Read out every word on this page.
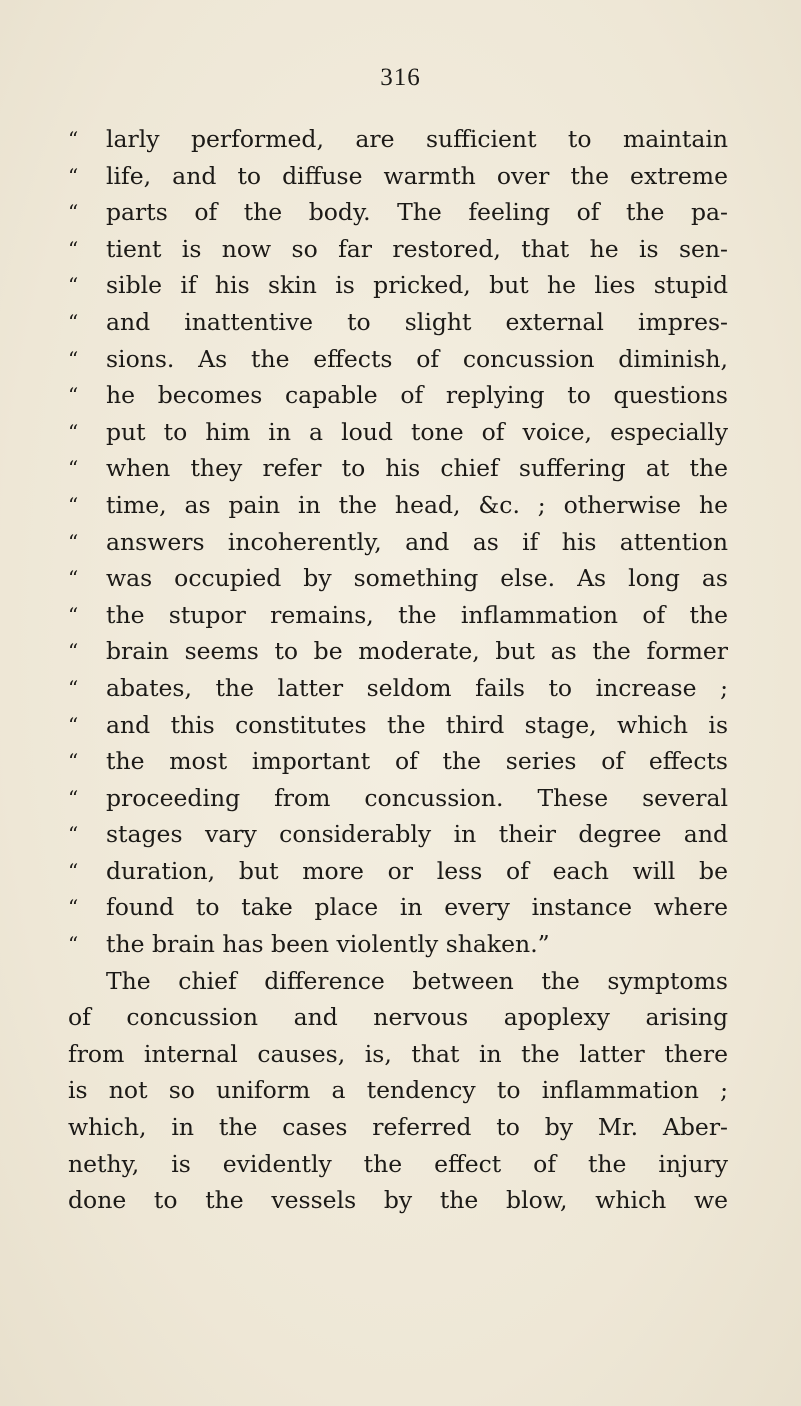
316
“ larly performed, are sufficient to maintain
“ life, and to diffuse warmth over the extreme
“ parts of the body. The feeling of the pa-
“ tient is now so far restored, that he is sen-
“ sible if his skin is pricked, but he lies stupid
“ and inattentive to slight external impres-
“ sions. As the effects of concussion diminish,
“ he becomes capable of replying to questions
“ put to him in a loud tone of voice, especially
“ when they refer to his chief suffering at the
“ time, as pain in the head, &c. ; otherwise he
“ answers incoherently, and as if his attention
“ was occupied by something else. As long as
“ the stupor remains, the inflammation of the
“ brain seems to be moderate, but as the former
“ abates, the latter seldom fails to increase ;
“ and this constitutes the third stage, which is
“ the most important of the series of effects
“ proceeding from concussion. These several
“ stages vary considerably in their degree and
“ duration, but more or less of each will be
“ found to take place in every instance where
“ the brain has been violently shaken.”
The chief difference between the symptoms
of concussion and nervous apoplexy arising
from internal causes, is, that in the latter there
is not so uniform a tendency to inflammation ;
which, in the cases referred to by Mr. Aber-
nethy, is evidently the effect of the injury
done to the vessels by the blow, which we
